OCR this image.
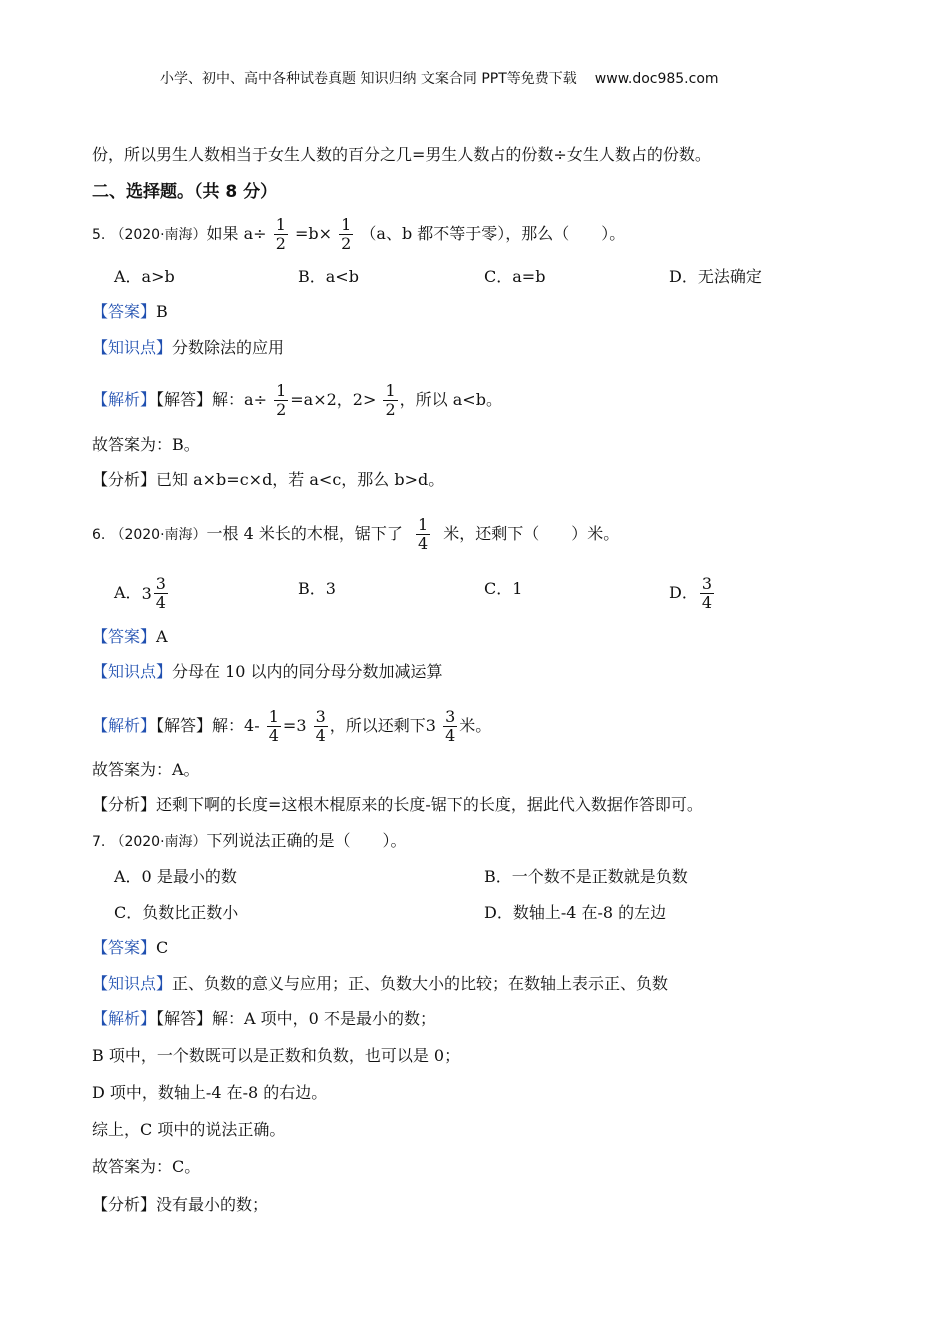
小学、初中、高中各种试卷真题 知识归纳 文案合同 PPT等免费下载 www.doc985.com
份，所以男生人数相当于女生人数的百分之几=男生人数占的份数÷女生人数占的份数。
二、选择题。（共 8 分）
5. （2020·南海）如果 $a\div \frac{1}{2} =b\times \frac{1}{2} (a$、b 都不等于零），那么（　　）。
A．a>b	B．a<b	C．a=b	D．无法确定
【答案】B
【知识点】分数除法的应用
【解析】【解答】解：$a\div \frac{1}{2} =a\times 2$，$2> \frac{1}{2}$ ，所以 a<b。
故答案为：B。
【分析】已知 a×b=c×d，若 a<c，那么 b>d。
6. （2020·南海）一根 4 米长的木棍，锯下了 $\frac{1}{4}$ 米，还剩下（　　）米。
A． $3 \frac{3}{4}$	B．3	C．1	D． $\frac{3}{4}$
【答案】A
【知识点】分母在 10 以内的同分母分数加减运算
【解析】【解答】解：$4- \frac{1}{4} =3 \frac{3}{4}$ ，所以还剩下$3 \frac{3}{4}$ 米。
故答案为：A。
【分析】还剩下啊的长度=这根木棍原来的长度-锯下的长度，据此代入数据作答即可。
7. （2020·南海）下列说法正确的是（　　）。
A．0 是最小的数	B．一个数不是正数就是负数
C．负数比正数小	D．数轴上-4 在-8 的左边
【答案】C
【知识点】正、负数的意义与应用；正、负数大小的比较；在数轴上表示正、负数
【解析】【解答】解：A 项中，0 不是最小的数；
B 项中，一个数既可以是正数和负数，也可以是 0；
D 项中，数轴上-4 在-8 的右边。
综上，C 项中的说法正确。
故答案为：C。
【分析】没有最小的数；
